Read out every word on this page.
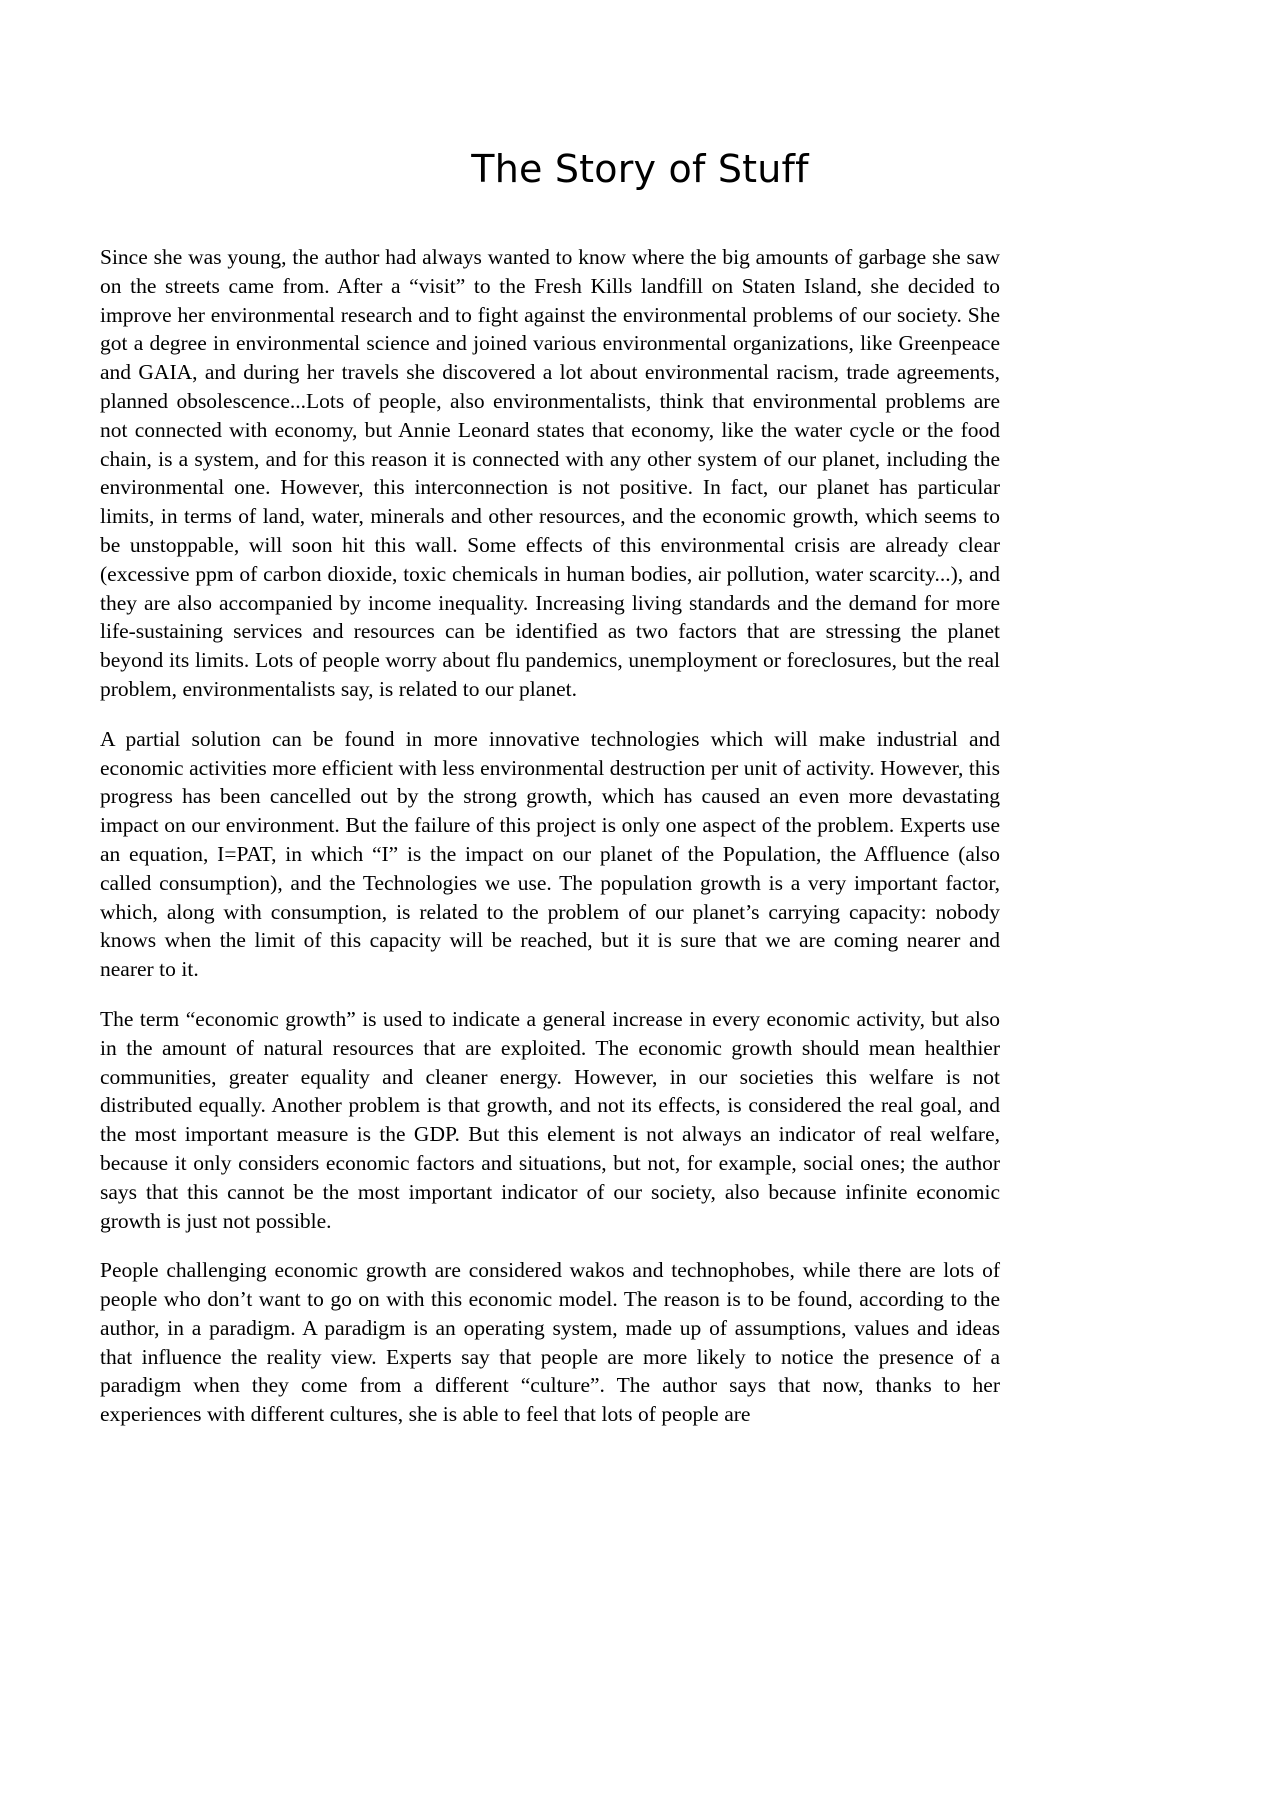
The Story of Stuff

Since she was young, the author had always wanted to know where the big amounts of garbage she saw on the streets came from. After a “visit” to the Fresh Kills landfill on Staten Island, she decided to improve her environmental research and to fight against the environmental problems of our society. She got a degree in environmental science and joined various environmental organizations, like Greenpeace and GAIA, and during her travels she discovered a lot about environmental racism, trade agreements, planned obsolescence...Lots of people, also environmentalists, think that environmental problems are not connected with economy, but Annie Leonard states that economy, like the water cycle or the food chain, is a system, and for this reason it is connected with any other system of our planet, including the environmental one. However, this interconnection is not positive. In fact, our planet has particular limits, in terms of land, water, minerals and other resources, and the economic growth, which seems to be unstoppable, will soon hit this wall. Some effects of this environmental crisis are already clear (excessive ppm of carbon dioxide, toxic chemicals in human bodies, air pollution, water scarcity...), and they are also accompanied by income inequality. Increasing living standards and the demand for more life-sustaining services and resources can be identified as two factors that are stressing the planet beyond its limits. Lots of people worry about flu pandemics, unemployment or foreclosures, but the real problem, environmentalists say, is related to our planet.

A partial solution can be found in more innovative technologies which will make industrial and economic activities more efficient with less environmental destruction per unit of activity. However, this progress has been cancelled out by the strong growth, which has caused an even more devastating impact on our environment. But the failure of this project is only one aspect of the problem. Experts use an equation, I=PAT, in which “I” is the impact on our planet of the Population, the Affluence (also called consumption), and the Technologies we use. The population growth is a very important factor, which, along with consumption, is related to the problem of our planet’s carrying capacity: nobody knows when the limit of this capacity will be reached, but it is sure that we are coming nearer and nearer to it.

The term “economic growth” is used to indicate a general increase in every economic activity, but also in the amount of natural resources that are exploited. The economic growth should mean healthier communities, greater equality and cleaner energy. However, in our societies this welfare is not distributed equally. Another problem is that growth, and not its effects, is considered the real goal, and the most important measure is the GDP. But this element is not always an indicator of real welfare, because it only considers economic factors and situations, but not, for example, social ones; the author says that this cannot be the most important indicator of our society, also because infinite economic growth is just not possible.

People challenging economic growth are considered wakos and technophobes, while there are lots of people who don’t want to go on with this economic model. The reason is to be found, according to the author, in a paradigm. A paradigm is an operating system, made up of assumptions, values and ideas that influence the reality view. Experts say that people are more likely to notice the presence of a paradigm when they come from a different “culture”. The author says that now, thanks to her experiences with different cultures, she is able to feel that lots of people are
